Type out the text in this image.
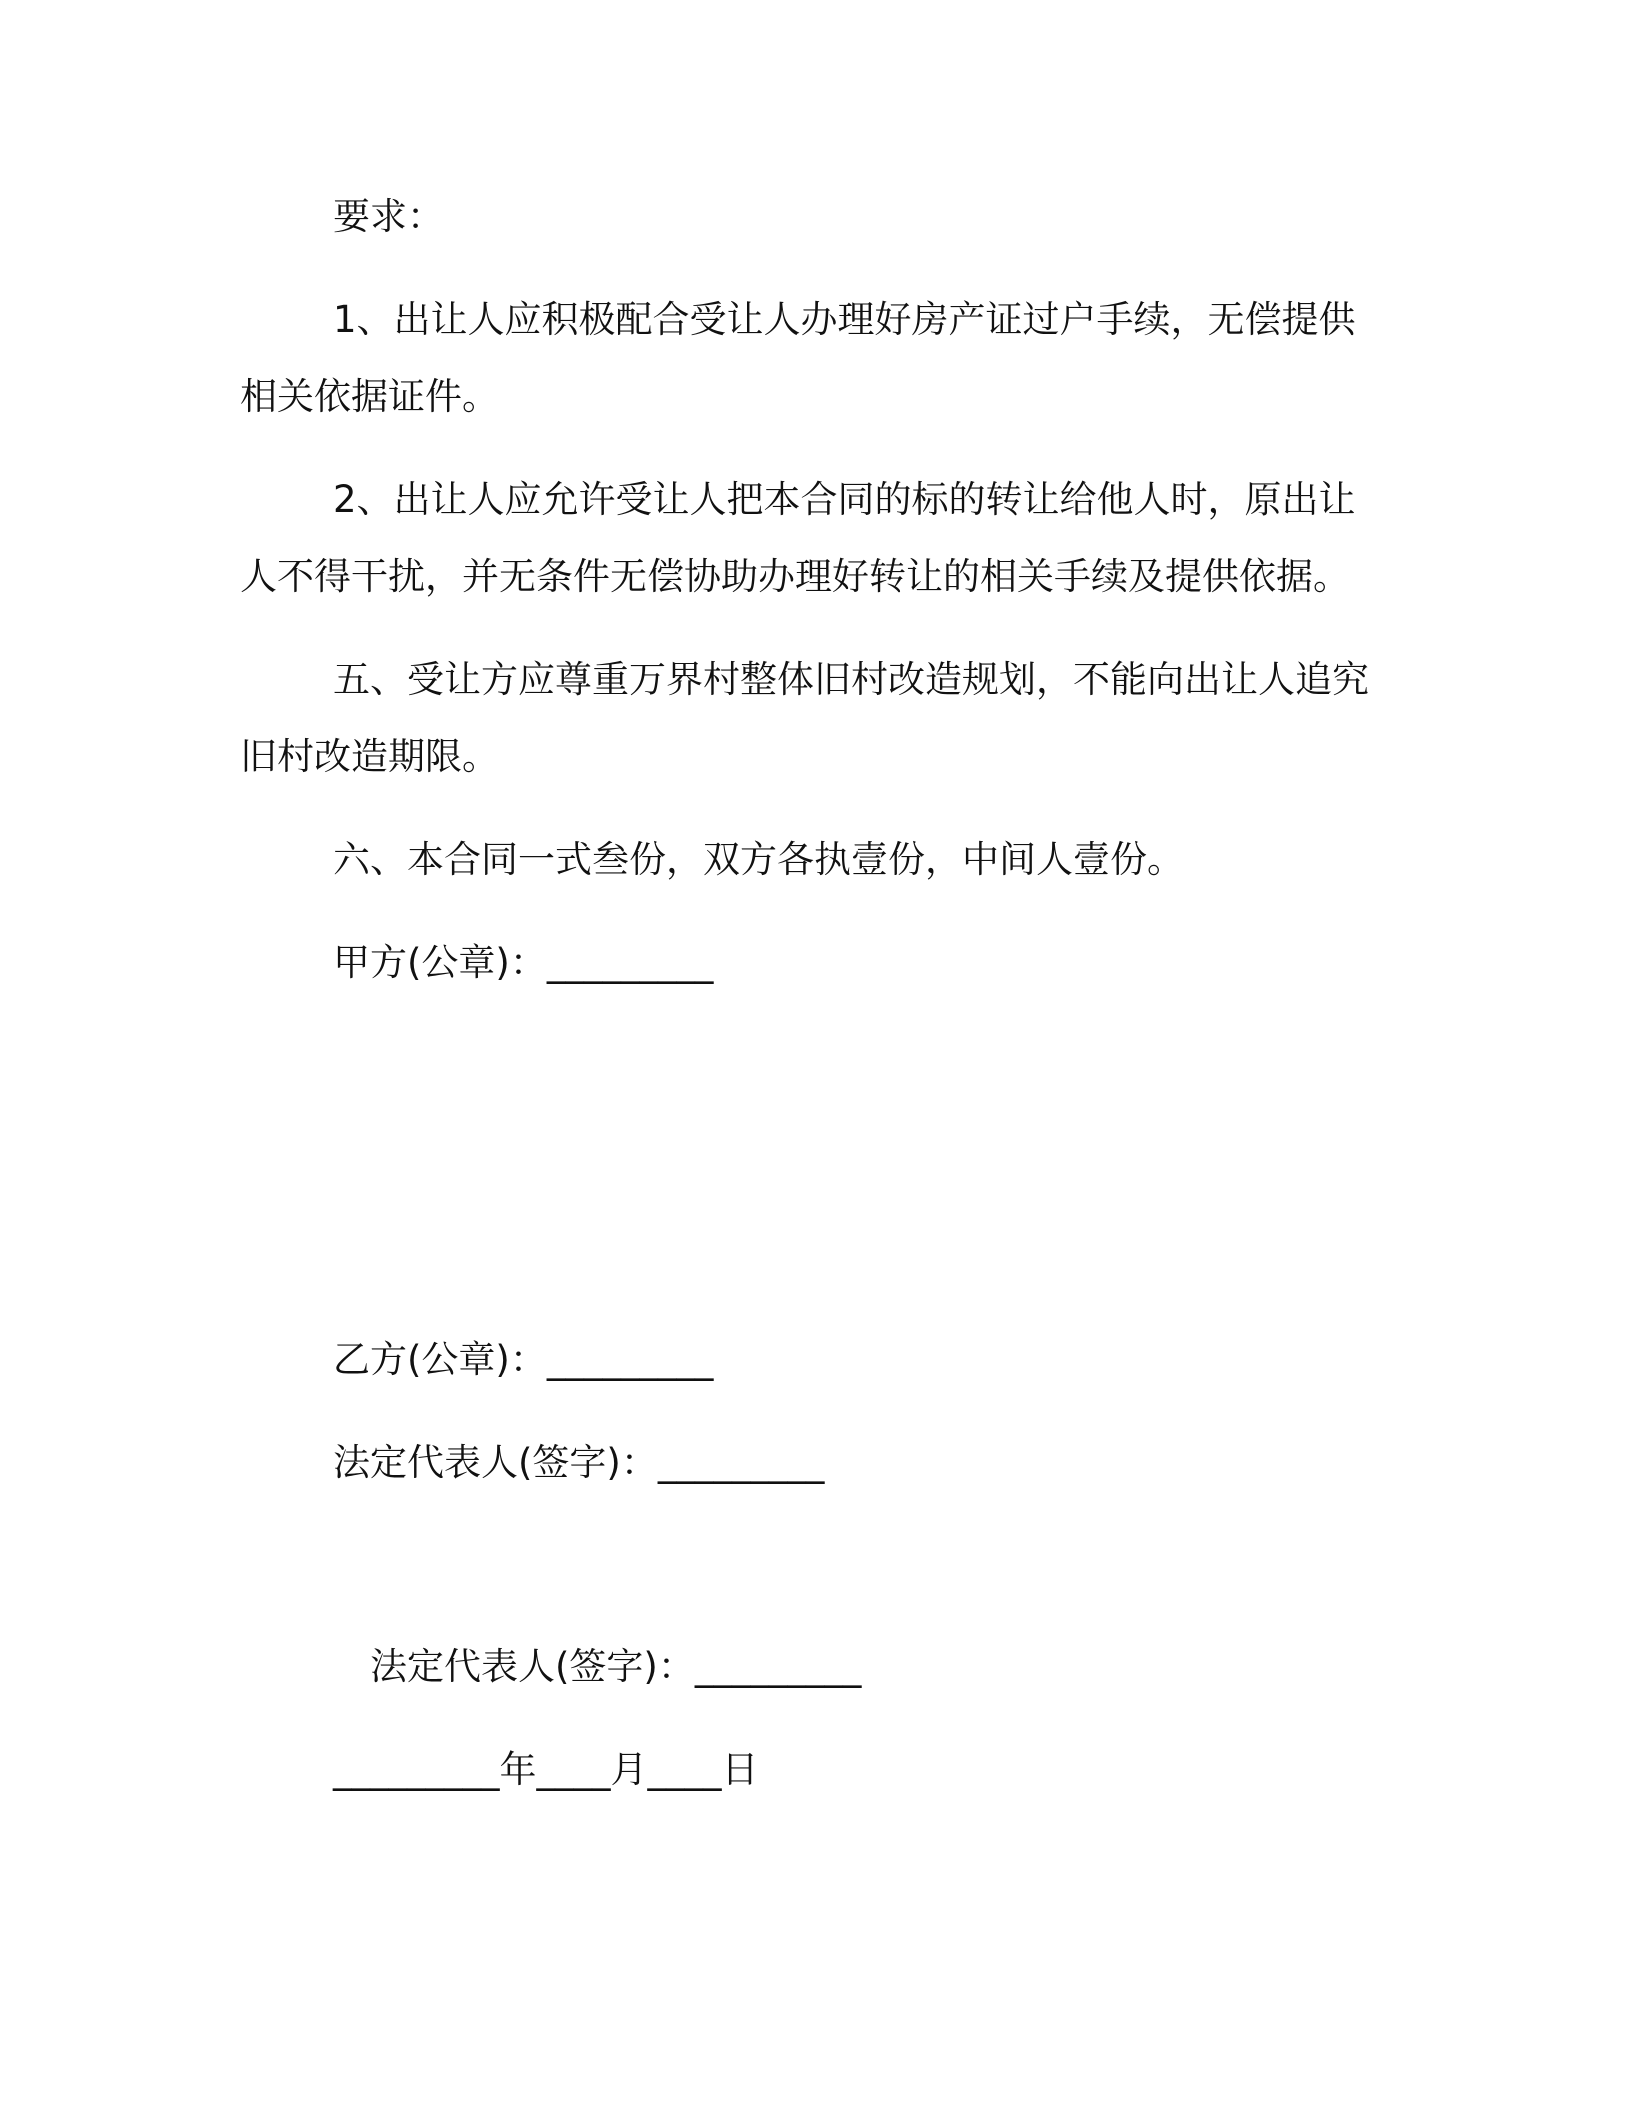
要求：
1、出让人应积极配合受让人办理好房产证过户手续，无偿提供
相关依据证件。
2、出让人应允许受让人把本合同的标的转让给他人时，原出让
人不得干扰，并无条件无偿协助办理好转让的相关手续及提供依据。
五、受让方应尊重万界村整体旧村改造规划，不能向出让人追究
旧村改造期限。
六、本合同一式叁份，双方各执壹份，中间人壹份。
甲方(公章)：_________
乙方(公章)：_________
法定代表人(签字)：_________
法定代表人(签字)：_________
_________年____月____日
